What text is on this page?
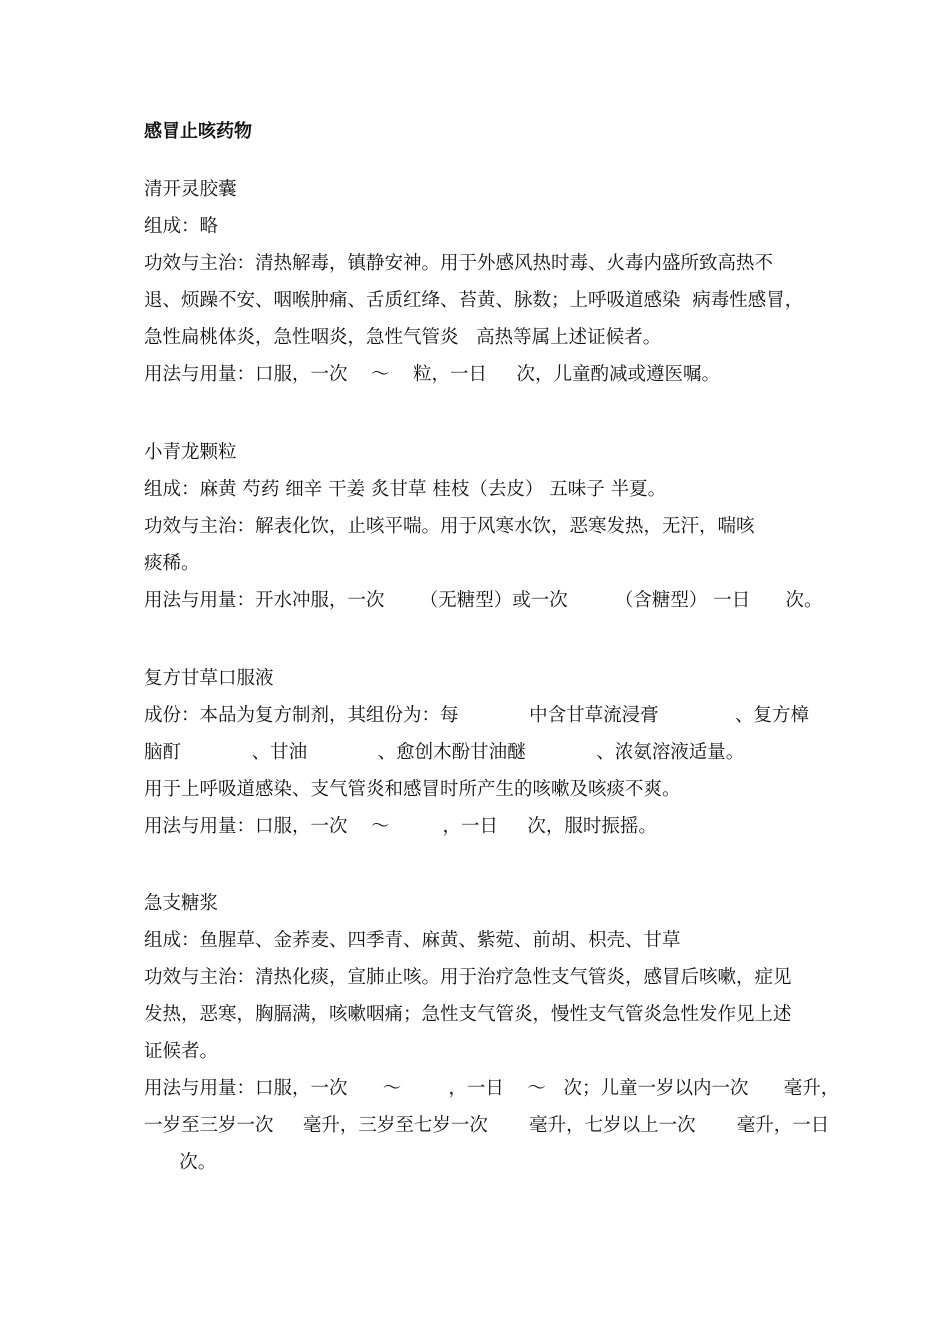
感冒止咳药物

清开灵胶囊

组成：略

功效与主治：清热解毒，镇静安神。用于外感风热时毒、火毒内盛所致高热不

退、烦躁不安、咽喉肿痛、舌质红绛、苔黄、脉数；上呼吸道感染  病毒性感冒，

急性扁桃体炎，急性咽炎，急性气管炎   高热等属上述证候者。

用法与用量：口服，一次    ～    粒，一日     次，儿童酌减或遵医嘱。

小青龙颗粒

组成：麻黄 芍药 细辛 干姜 炙甘草 桂枝（去皮） 五味子 半夏。

功效与主治：解表化饮，止咳平喘。用于风寒水饮，恶寒发热，无汗，喘咳

痰稀。

用法与用量：开水冲服，一次      （无糖型）或一次        （含糖型） 一日      次。

复方甘草口服液

成份：本品为复方制剂，其组份为：每            中含甘草流浸膏             、复方樟

脑酊            、甘油            、愈创木酚甘油醚            、浓氨溶液适量。

用于上呼吸道感染、支气管炎和感冒时所产生的咳嗽及咳痰不爽。

用法与用量：口服，一次    ～         ，一日     次，服时振摇。

急支糖浆

组成：鱼腥草、金荞麦、四季青、麻黄、紫菀、前胡、枳壳、甘草

功效与主治：清热化痰，宣肺止咳。用于治疗急性支气管炎，感冒后咳嗽，症见

发热，恶寒，胸膈满，咳嗽咽痛；急性支气管炎，慢性支气管炎急性发作见上述

证候者。

用法与用量：口服，一次      ～        ，一日    ～   次；儿童一岁以内一次      毫升，

一岁至三岁一次     毫升，三岁至七岁一次       毫升，七岁以上一次       毫升，一日

次。
